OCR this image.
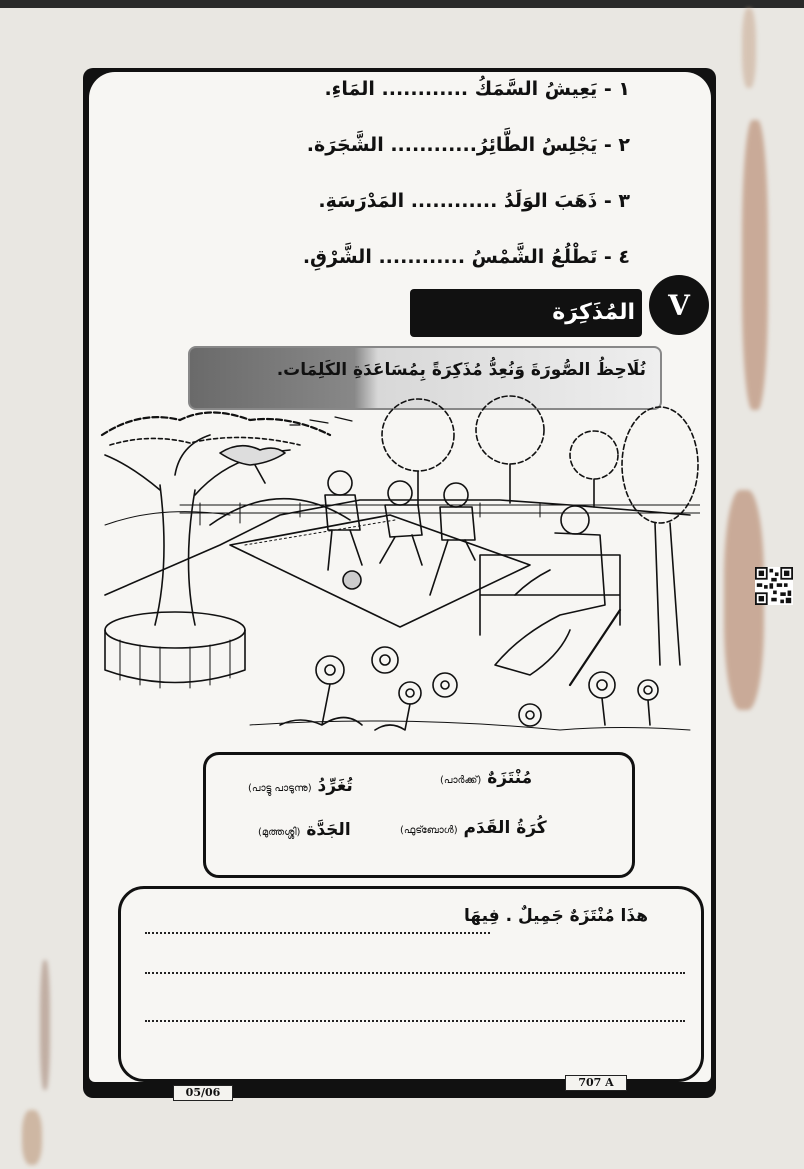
١ - يَعِيشُ السَّمَكُ ............ المَاءِ.
٢ - يَجْلِسُ الطَّائِرُ............ الشَّجَرَة.
٣ - ذَهَبَ الوَلَدُ ............ المَدْرَسَةِ.
٤ - تَطْلُعُ الشَّمْسُ ............ الشَّرْقِ.
المُذَكِرَة	V
نُلَاحِظُ الصُّورَةَ وَنُعِدُّ مُذَكِرَةً بِمُسَاعَدَةِ الكَلِمَات.
مُنْتَزَهٌ (പാർക്ക്)
تُغَرِّدُ (പാട്ടു പാടുന്നു)
كُرَةُ القَدَم (ഫുട്ബോൾ)
الجَدَّة (മുത്തശ്ശി)
هذَا مُنْتَزَهٌ جَمِيلٌ . فِيهَا
05/06
707 A
